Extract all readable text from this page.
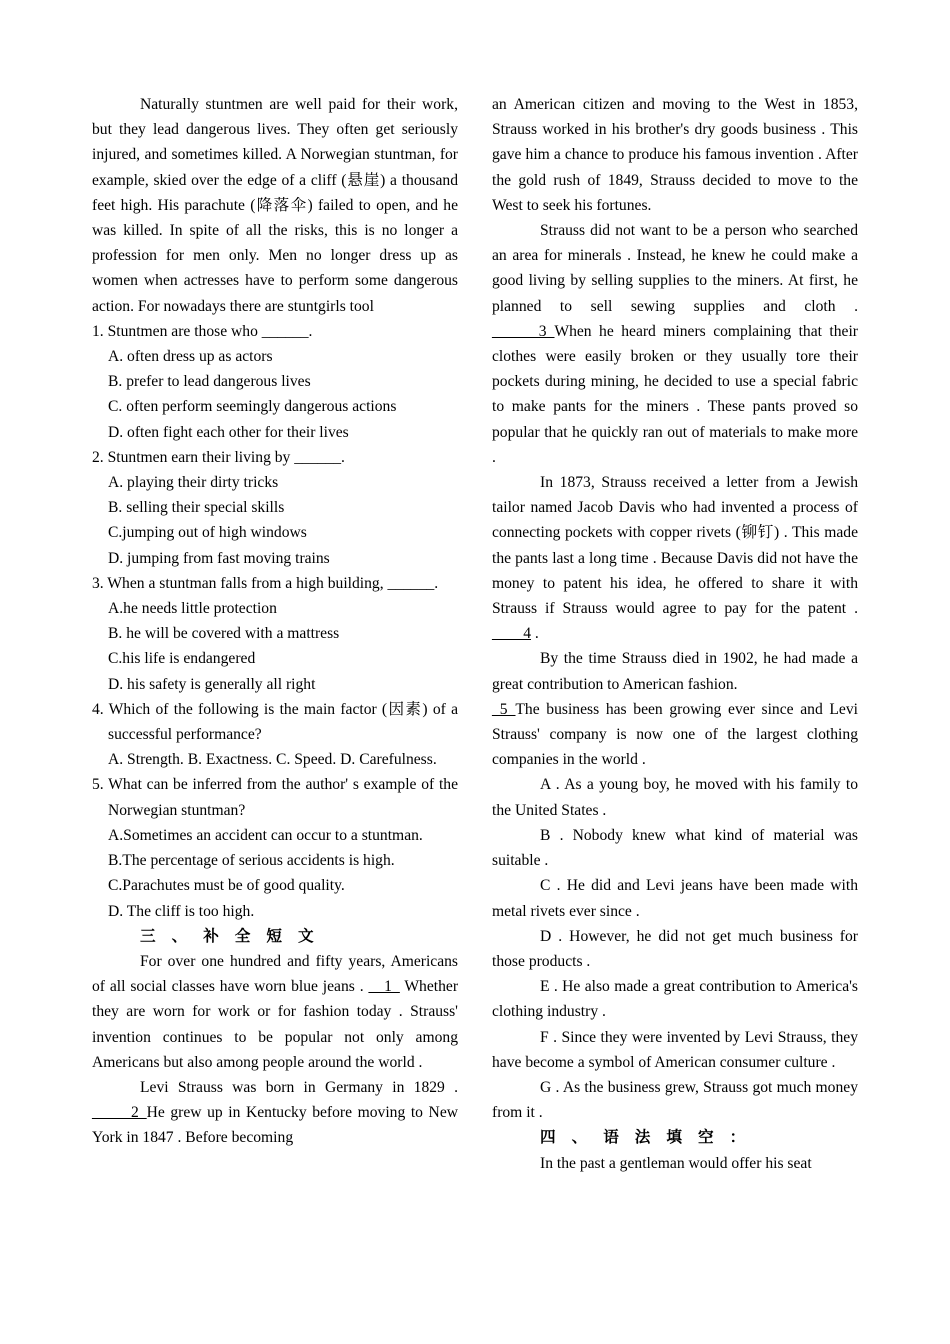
Naturally stuntmen are well paid for their work, but they lead dangerous lives. They often get seriously injured, and sometimes killed. A Norwegian stuntman, for example, skied over the edge of a cliff (悬崖) a thousand feet high. His parachute (降落伞) failed to open, and he was killed. In spite of all the risks, this is no longer a profession for men only. Men no longer dress up as women when actresses have to perform some dangerous action. For nowadays there are stuntgirls tool

1. Stuntmen are those who ______.
A. often dress up as actors
B. prefer to lead dangerous lives
C. often perform seemingly dangerous actions
D. often fight each other for their lives
2. Stuntmen earn their living by ______.
A. playing their dirty tricks
B. selling their special skills
C.jumping out of high windows
D. jumping from fast moving trains
3. When a stuntman falls from a high building, ______.
A.he needs little protection
B. he will be covered with a mattress
C.his life is endangered
D. his safety is generally all right
4. Which of the following is the main factor (因素) of a successful performance?
A. Strength. B. Exactness. C. Speed. D. Carefulness.
5. What can be inferred from the author' s example of the Norwegian stuntman?
A.Sometimes an accident can occur to a stuntman.
B.The percentage of serious accidents is high.
C.Parachutes must be of good quality.
D. The cliff is too high.
三、补全短文

For over one hundred and fifty years, Americans of all social classes have worn blue jeans . __1_ Whether they are worn for work or for fashion today . Strauss' invention continues to be popular not only among Americans but also among people around the world .

Levi Strauss was born in Germany in 1829 . _____2_He grew up in Kentucky before moving to New York in 1847 . Before becoming

an American citizen and moving to the West in 1853, Strauss worked in his brother's dry goods business . This gave him a chance to produce his famous invention . After the gold rush of 1849, Strauss decided to move to the West to seek his fortunes.

Strauss did not want to be a person who searched an area for minerals . Instead, he knew he could make a good living by selling supplies to the miners. At first, he planned to sell sewing supplies and cloth . ______3_When he heard miners complaining that their clothes were easily broken or they usually tore their pockets during mining, he decided to use a special fabric to make pants for the miners . These pants proved so popular that he quickly ran out of materials to make more .

In 1873, Strauss received a letter from a Jewish tailor named Jacob Davis who had invented a process of connecting pockets with copper rivets (铆钉) . This made the pants last a long time . Because Davis did not have the money to patent his idea, he offered to share it with Strauss if Strauss would agree to pay for the patent . ____4 .

By the time Strauss died in 1902, he had made a great contribution to American fashion.

_5_The business has been growing ever since and Levi Strauss' company is now one of the largest clothing companies in the world .

A . As a young boy, he moved with his family to the United States .

B . Nobody knew what kind of material was suitable .

C . He did and Levi jeans have been made with metal rivets ever since .

D . However, he did not get much business for those products .

E . He also made a great contribution to America's clothing industry .

F . Since they were invented by Levi Strauss, they have become a symbol of American consumer culture .

G . As the business grew, Strauss got much money from it .

四、语法填空：

In the past a gentleman would offer his seat
